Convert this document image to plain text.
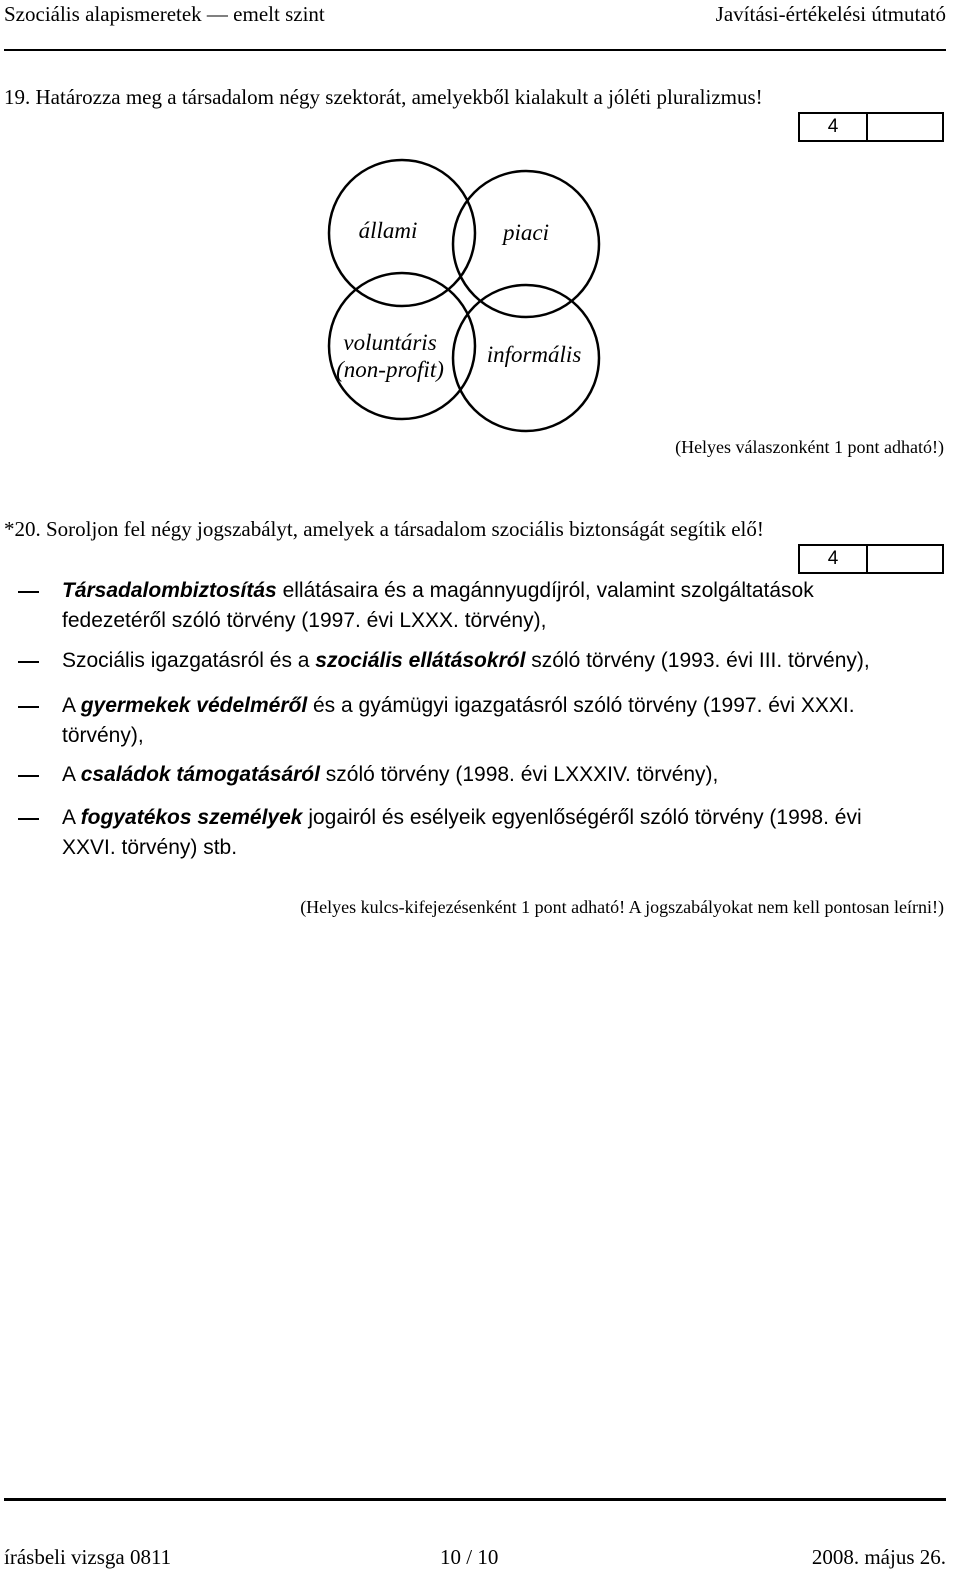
Szociális alapismeretek — emelt szint	Javítási-értékelési útmutató
19. Határozza meg a társadalom négy szektorát, amelyekből kialakult a jóléti pluralizmus!
4
állami	piaci
voluntáris
(non-profit)
informális
(Helyes válaszonként 1 pont adható!)
*20. Soroljon fel négy jogszabályt, amelyek a társadalom szociális biztonságát segítik elő!
4
Társadalombiztosítás ellátásaira és a magánnyugdíjról, valamint szolgáltatások fedezetéről szóló törvény (1997. évi LXXX. törvény),
Szociális igazgatásról és a szociális ellátásokról szóló törvény (1993. évi III. törvény),
A gyermekek védelméről és a gyámügyi igazgatásról szóló törvény (1997. évi XXXI. törvény),
A családok támogatásáról szóló törvény (1998. évi LXXXIV. törvény),
A fogyatékos személyek jogairól és esélyeik egyenlőségéről szóló törvény (1998. évi XXVI. törvény) stb.
(Helyes kulcs-kifejezésenként 1 pont adható! A jogszabályokat nem kell pontosan leírni!)
írásbeli vizsga 0811	10 / 10	2008. május 26.
